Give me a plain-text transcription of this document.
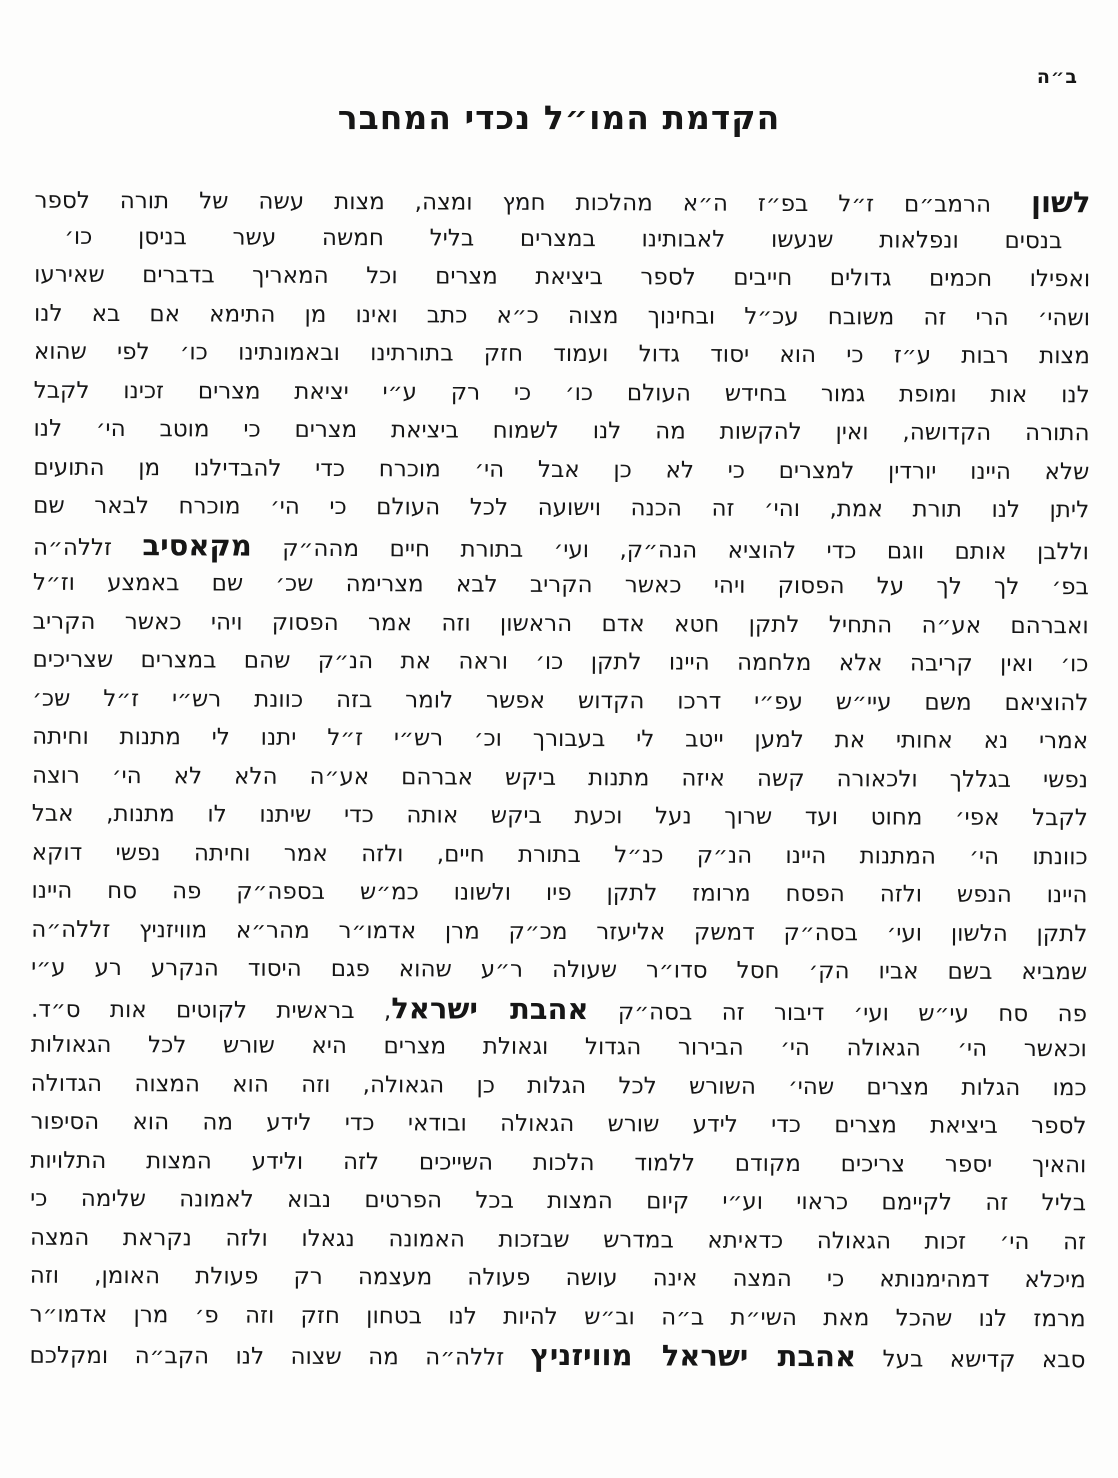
ב״ה
הקדמת המו״ל נכדי המחבר
לשון הרמב״ם ז״ל בפ״ז ה״א מהלכות חמץ ומצה, מצות עשה של תורה לספר
בנסים ונפלאות שנעשו לאבותינו במצרים בליל חמשה עשר בניסן כו׳
ואפילו חכמים גדולים חייבים לספר ביציאת מצרים וכל המאריך בדברים שאירעו
ושהי׳ הרי זה משובח עכ״ל ובחינוך מצוה כ״א כתב ואינו מן התימא אם בא לנו
מצות רבות ע״ז כי הוא יסוד גדול ועמוד חזק בתורתינו ובאמונתינו כו׳ לפי שהוא
לנו אות ומופת גמור בחידש העולם כו׳ כי רק ע״י יציאת מצרים זכינו לקבל
התורה הקדושה, ואין להקשות מה לנו לשמוח ביציאת מצרים כי מוטב הי׳ לנו
שלא היינו יורדין למצרים כי לא כן אבל הי׳ מוכרח כדי להבדילנו מן התועים
ליתן לנו תורת אמת, והי׳ זה הכנה וישועה לכל העולם כי הי׳ מוכרח לבאר שם
וללבן אותם ווגם כדי להוציא הנה״ק, ועי׳ בתורת חיים מהה״ק מקאסיב זללה״ה
בפ׳ לך לך על הפסוק ויהי כאשר הקריב לבא מצרימה שכ׳ שם באמצע וז״ל
ואברהם אע״ה התחיל לתקן חטא אדם הראשון וזה אמר הפסוק ויהי כאשר הקריב
כו׳ ואין קריבה אלא מלחמה היינו לתקן כו׳ וראה את הנ״ק שהם במצרים שצריכים
להוציאם משם עיי״ש עפ״י דרכו הקדוש אפשר לומר בזה כוונת רש״י ז״ל שכ׳
אמרי נא אחותי את למען ייטב לי בעבורך וכ׳ רש״י ז״ל יתנו לי מתנות וחיתה
נפשי בגללך ולכאורה קשה איזה מתנות ביקש אברהם אע״ה הלא לא הי׳ רוצה
לקבל אפי׳ מחוט ועד שרוך נעל וכעת ביקש אותה כדי שיתנו לו מתנות, אבל
כוונתו הי׳ המתנות היינו הנ״ק כנ״ל בתורת חיים, ולזה אמר וחיתה נפשי דוקא
היינו הנפש ולזה הפסח מרומז לתקן פיו ולשונו כמ״ש בספה״ק פה סח היינו
לתקן הלשון ועי׳ בסה״ק דמשק אליעזר מכ״ק מרן אדמו״ר מהר״א מוויזניץ זללה״ה
שמביא בשם אביו הק׳ חסל סדו״ר שעולה ר״ע שהוא פגם היסוד הנקרע רע ע״י
פה סח עי״ש ועי׳ דיבור זה בסה״ק אהבת ישראל, בראשית לקוטים אות ס״ד.
וכאשר הי׳ הגאולה הי׳ הבירור הגדול וגאולת מצרים היא שורש לכל הגאולות
כמו הגלות מצרים שהי׳ השורש לכל הגלות כן הגאולה, וזה הוא המצוה הגדולה
לספר ביציאת מצרים כדי לידע שורש הגאולה ובודאי כדי לידע מה הוא הסיפור
והאיך יספר צריכים מקודם ללמוד הלכות השייכים לזה ולידע המצות התלויות
בליל זה לקיימם כראוי וע״י קיום המצות בכל הפרטים נבוא לאמונה שלימה כי
זה הי׳ זכות הגאולה כדאיתא במדרש שבזכות האמונה נגאלו ולזה נקראת המצה
מיכלא דמהימנותא כי המצה אינה עושה פעולה מעצמה רק פעולת האומן, וזה
מרמז לנו שהכל מאת השי״ת ב״ה וב״ש להיות לנו בטחון חזק וזה פ׳ מרן אדמו״ר
סבא קדישא בעל אהבת ישראל מוויזניץ זללה״ה מה שצוה לנו הקב״ה ומקלכם
